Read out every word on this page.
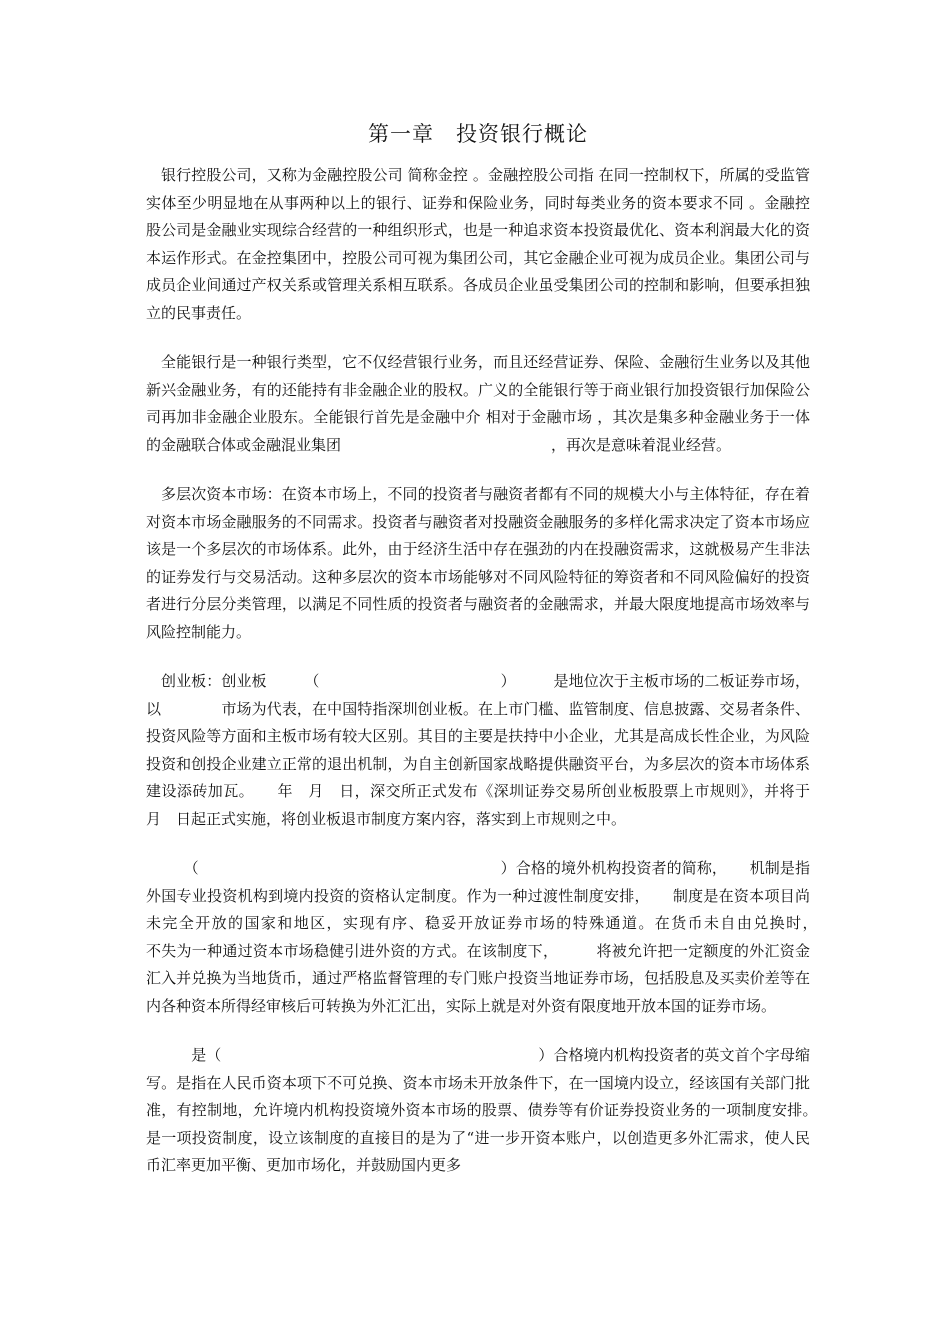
第一章　投资银行概论

银行控股公司，又称为金融控股公司 简称金控 。金融控股公司指 在同一控制权下，所属的受监管实体至少明显地在从事两种以上的银行、证券和保险业务，同时每类业务的资本要求不同 。金融控股公司是金融业实现综合经营的一种组织形式，也是一种追求资本投资最优化、资本利润最大化的资本运作形式。在金控集团中，控股公司可视为集团公司，其它金融企业可视为成员企业。集团公司与成员企业间通过产权关系或管理关系相互联系。各成员企业虽受集团公司的控制和影响，但要承担独立的民事责任。

全能银行是一种银行类型，它不仅经营银行业务，而且还经营证券、保险、金融衍生业务以及其他新兴金融业务，有的还能持有非金融企业的股权。广义的全能银行等于商业银行加投资银行加保险公司再加非金融企业股东。全能银行首先是金融中介 相对于金融市场 ，其次是集多种金融业务于一体的金融联合体或金融混业集团　　　　　　　　　　　　　　，再次是意味着混业经营。

多层次资本市场：在资本市场上，不同的投资者与融资者都有不同的规模大小与主体特征，存在着对资本市场金融服务的不同需求。投资者与融资者对投融资金融服务的多样化需求决定了资本市场应该是一个多层次的市场体系。此外，由于经济生活中存在强劲的内在投融资需求，这就极易产生非法的证券发行与交易活动。这种多层次的资本市场能够对不同风险特征的筹资者和不同风险偏好的投资者进行分层分类管理，以满足不同性质的投资者与融资者的金融需求，并最大限度地提高市场效率与风险控制能力。

创业板：创业板　　　（　　　　　　　　　　　　）　　　是地位次于主板市场的二板证券市场，以　　　　市场为代表，在中国特指深圳创业板。在上市门槛、监管制度、信息披露、交易者条件、投资风险等方面和主板市场有较大区别。其目的主要是扶持中小企业，尤其是高成长性企业，为风险投资和创投企业建立正常的退出机制，为自主创新国家战略提供融资平台，为多层次的资本市场体系建设添砖加瓦。　　年　月　日，深交所正式发布《深圳证券交易所创业板股票上市规则》，并将于　月　日起正式实施，将创业板退市制度方案内容，落实到上市规则之中。

　　（　　　　　　　　　　　　　　　　　　　　）合格的境外机构投资者的简称，　　机制是指外国专业投资机构到境内投资的资格认定制度。作为一种过渡性制度安排，　　制度是在资本项目尚未完全开放的国家和地区，实现有序、稳妥开放证券市场的特殊通道。在货币未自由兑换时，　　　不失为一种通过资本市场稳健引进外资的方式。在该制度下，　　　将被允许把一定额度的外汇资金汇入并兑换为当地货币，通过严格监督管理的专门账户投资当地证券市场，包括股息及买卖价差等在内各种资本所得经审核后可转换为外汇汇出，实际上就是对外资有限度地开放本国的证券市场。

　　是（　　　　　　　　　　　　　　　　　　　　　）合格境内机构投资者的英文首个字母缩写。是指在人民币资本项下不可兑换、资本市场未开放条件下，在一国境内设立，经该国有关部门批准，有控制地，允许境内机构投资境外资本市场的股票、债券等有价证券投资业务的一项制度安排。　　　是一项投资制度，设立该制度的直接目的是为了“进一步开资本账户，以创造更多外汇需求，使人民币汇率更加平衡、更加市场化，并鼓励国内更多
